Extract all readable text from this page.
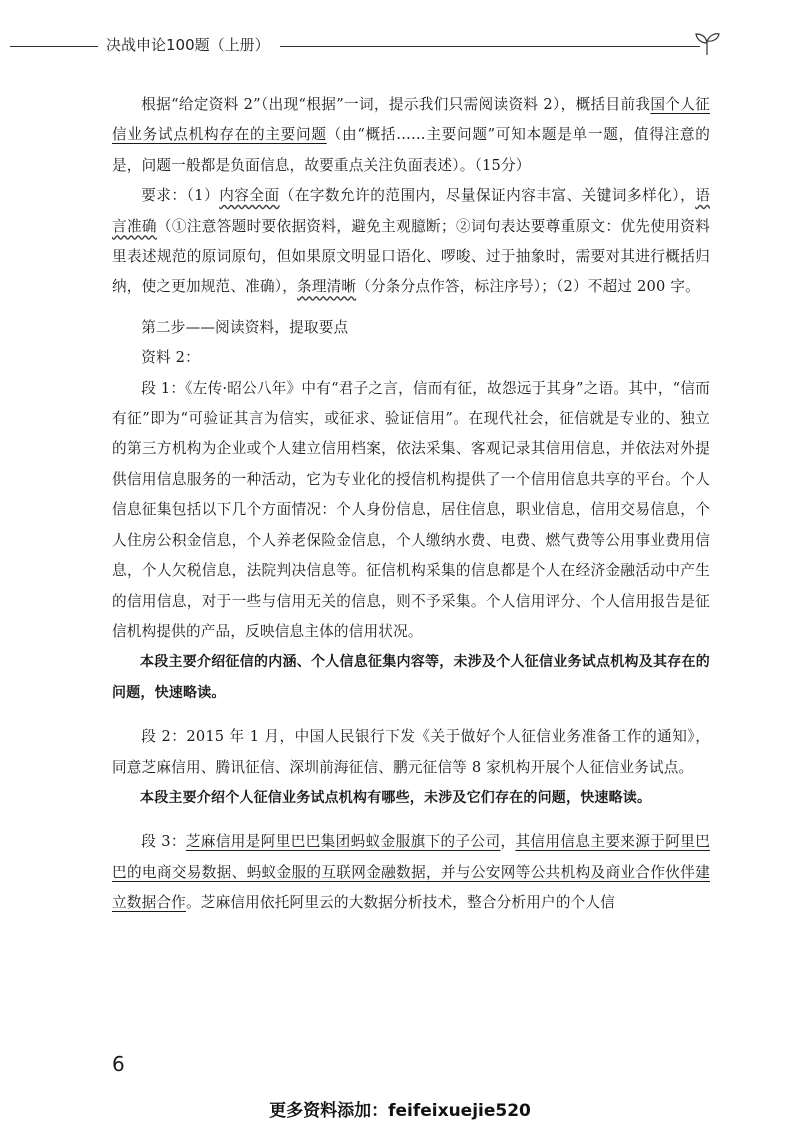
决战申论100题（上册）

根据“给定资料 2”（出现“根据”一词，提示我们只需阅读资料 2），概括目前我国个人征信业务试点机构存在的主要问题（由“概括……主要问题”可知本题是单一题，值得注意的是，问题一般都是负面信息，故要重点关注负面表述）。（15分）

要求：（1）内容全面（在字数允许的范围内，尽量保证内容丰富、关键词多样化），语言准确（①注意答题时要依据资料，避免主观臆断；②词句表达要尊重原文：优先使用资料里表述规范的原词原句，但如果原文明显口语化、啰唆、过于抽象时，需要对其进行概括归纳，使之更加规范、准确），条理清晰（分条分点作答，标注序号）；（2）不超过 200 字。

第二步——阅读资料，提取要点

资料 2：

段 1：《左传·昭公八年》中有“君子之言，信而有征，故怨远于其身”之语。其中，“信而有征”即为“可验证其言为信实，或征求、验证信用”。在现代社会，征信就是专业的、独立的第三方机构为企业或个人建立信用档案，依法采集、客观记录其信用信息，并依法对外提供信用信息服务的一种活动，它为专业化的授信机构提供了一个信用信息共享的平台。个人信息征集包括以下几个方面情况：个人身份信息，居住信息，职业信息，信用交易信息，个人住房公积金信息，个人养老保险金信息，个人缴纳水费、电费、燃气费等公用事业费用信息，个人欠税信息，法院判决信息等。征信机构采集的信息都是个人在经济金融活动中产生的信用信息，对于一些与信用无关的信息，则不予采集。个人信用评分、个人信用报告是征信机构提供的产品，反映信息主体的信用状况。

本段主要介绍征信的内涵、个人信息征集内容等，未涉及个人征信业务试点机构及其存在的问题，快速略读。

段 2：2015 年 1 月，中国人民银行下发《关于做好个人征信业务准备工作的通知》，同意芝麻信用、腾讯征信、深圳前海征信、鹏元征信等 8 家机构开展个人征信业务试点。

本段主要介绍个人征信业务试点机构有哪些，未涉及它们存在的问题，快速略读。

段 3：芝麻信用是阿里巴巴集团蚂蚁金服旗下的子公司，其信用信息主要来源于阿里巴巴的电商交易数据、蚂蚁金服的互联网金融数据，并与公安网等公共机构及商业合作伙伴建立数据合作。芝麻信用依托阿里云的大数据分析技术，整合分析用户的个人信

6
更多资料添加：feifeixuejie520
